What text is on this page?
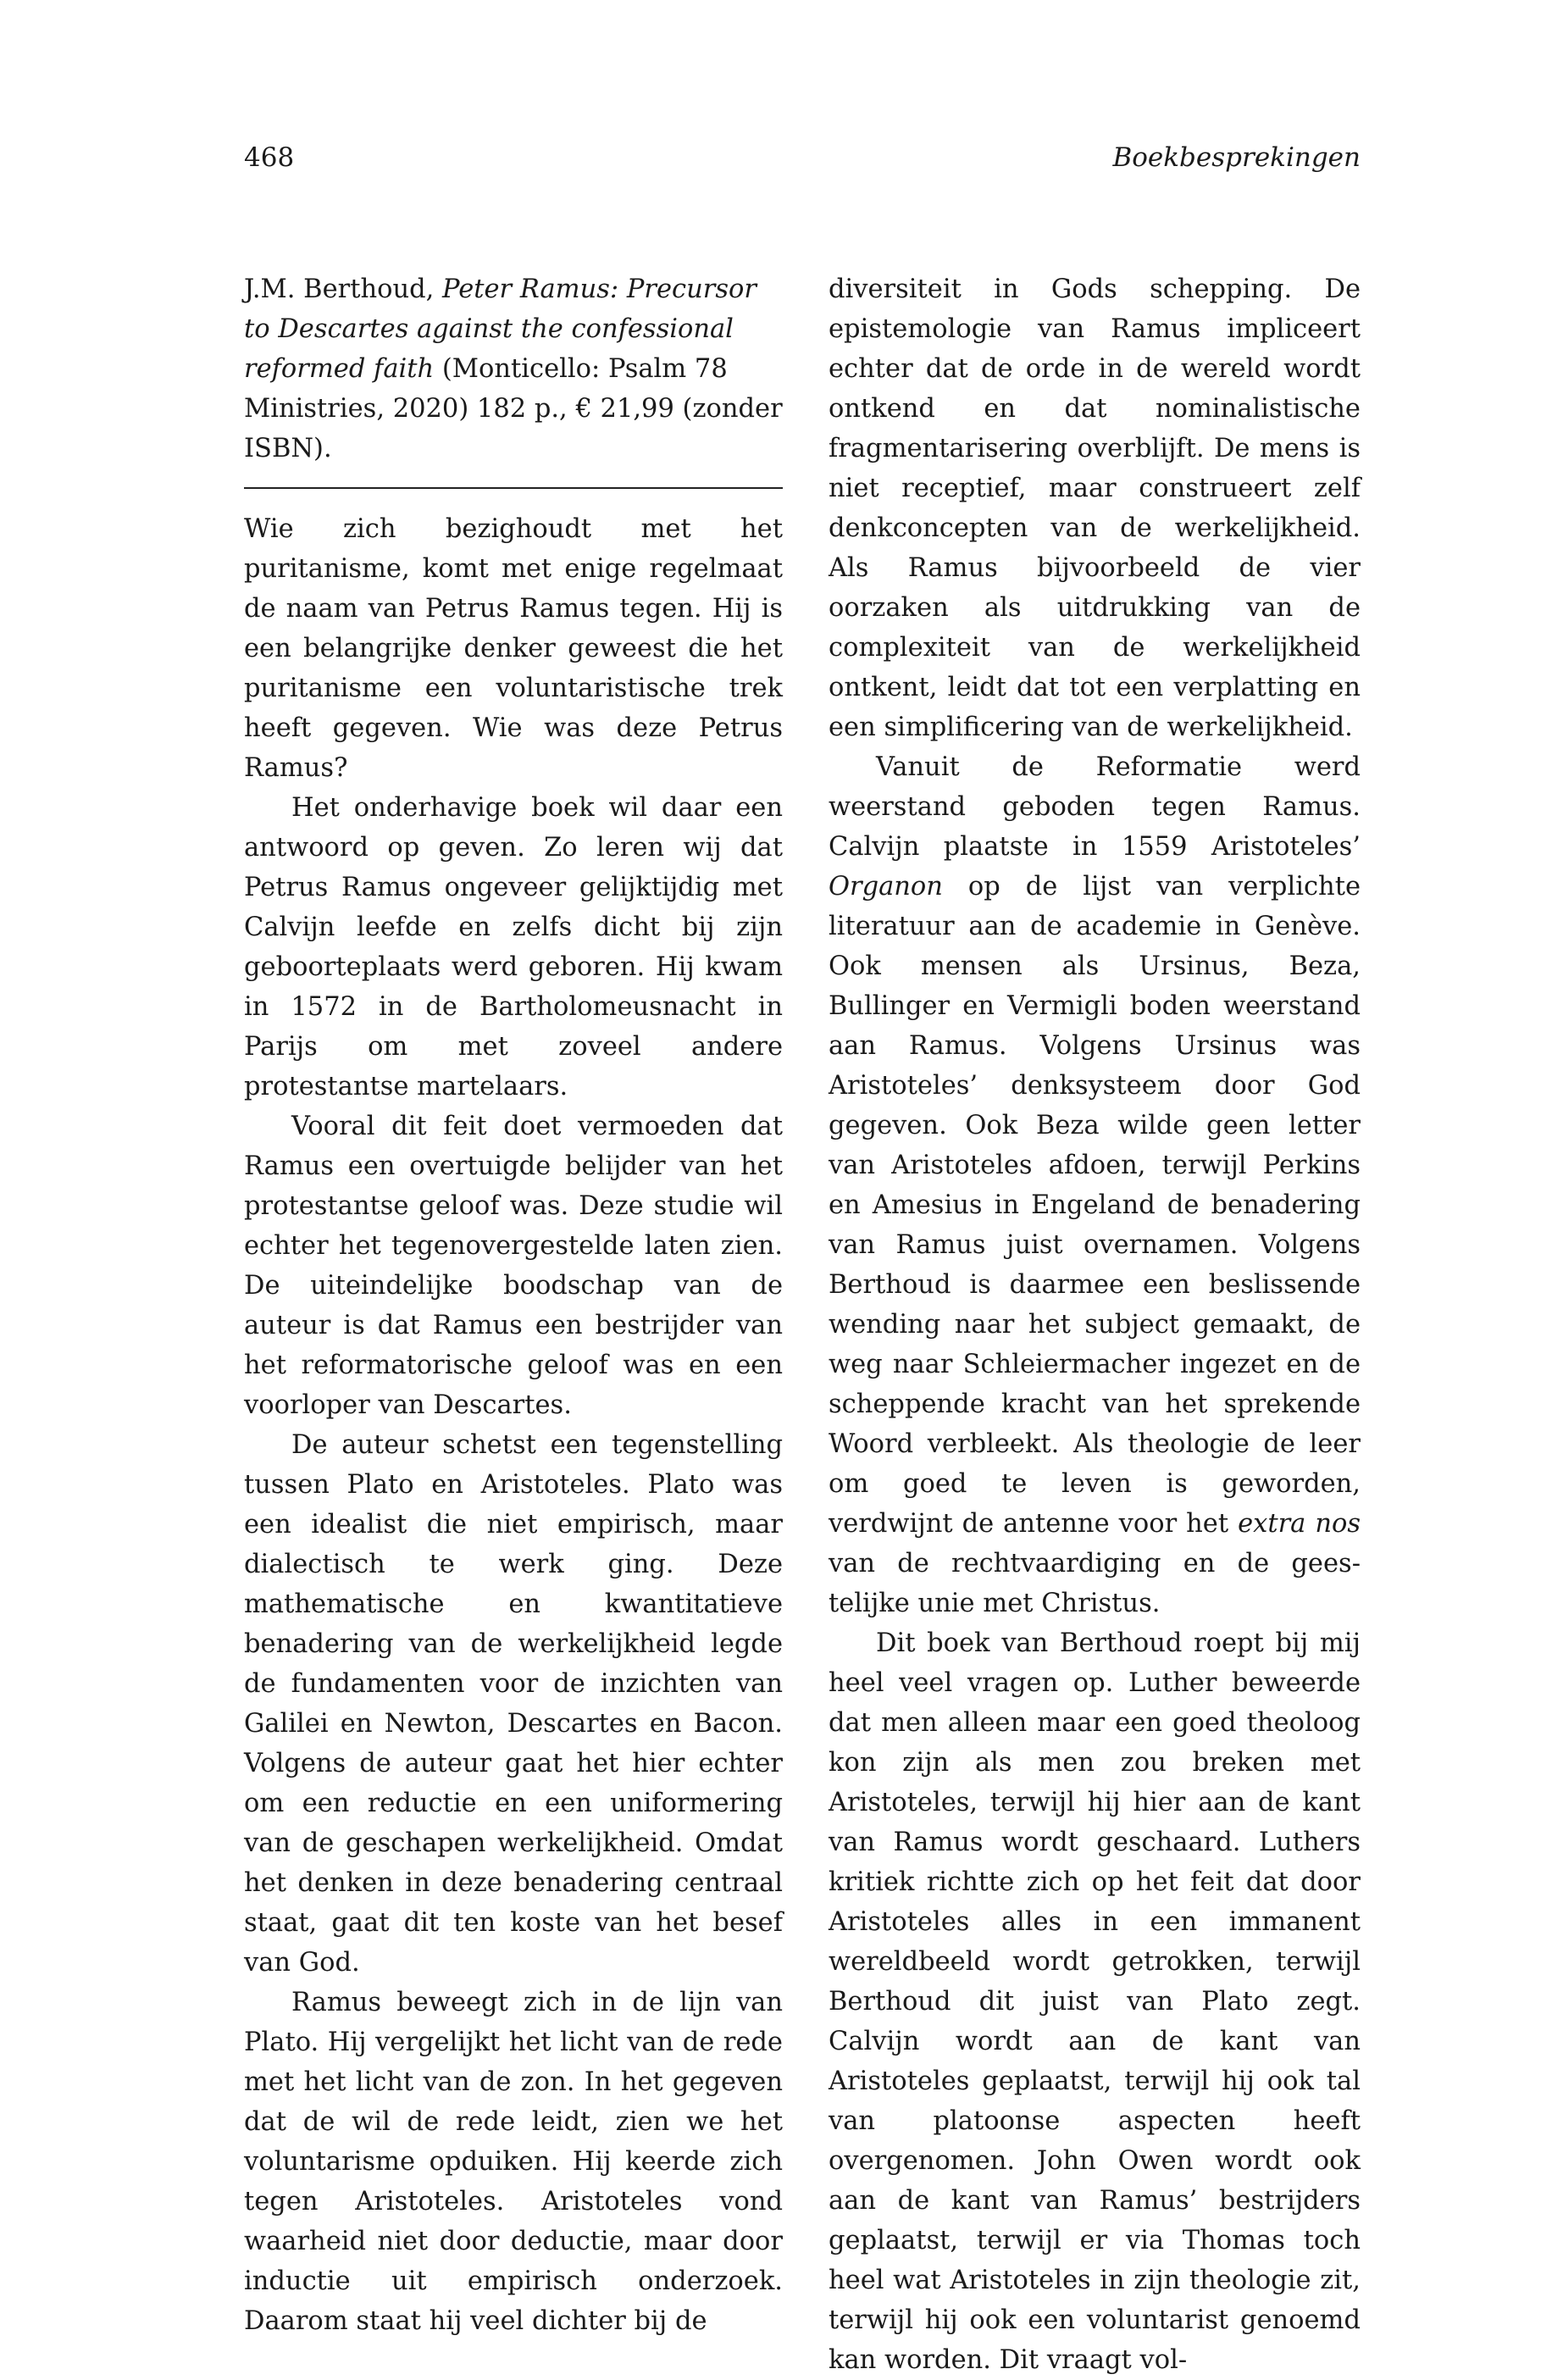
468	Boekbesprekingen

J.M. Berthoud, Peter Ramus: Precursor to Descartes against the confessional reformed faith (Monticello: Psalm 78 Ministries, 2020) 182 p., € 21,99 (zonder ISBN).

Wie zich bezighoudt met het puritanisme, komt met enige regelmaat de naam van Petrus Ramus tegen. Hij is een belangrijke denker geweest die het puritanisme een voluntaristische trek heeft gegeven. Wie was deze Petrus Ramus?

Het onderhavige boek wil daar een antwoord op geven. Zo leren wij dat Petrus Ramus ongeveer gelijktijdig met Calvijn leefde en zelfs dicht bij zijn geboorteplaats werd geboren. Hij kwam in 1572 in de Bartholomeusnacht in Parijs om met zoveel andere protestantse martelaars.

Vooral dit feit doet vermoeden dat Ramus een overtuigde belijder van het protestantse geloof was. Deze studie wil echter het tegenovergestelde laten zien. De uiteindelijke boodschap van de auteur is dat Ramus een bestrijder van het reformatorische geloof was en een voorloper van Descartes.

De auteur schetst een tegenstelling tussen Plato en Aristoteles. Plato was een idealist die niet empirisch, maar dialectisch te werk ging. Deze mathematische en kwantitatieve benadering van de werkelijkheid legde de fundamenten voor de inzichten van Galilei en Newton, Descartes en Bacon. Volgens de auteur gaat het hier echter om een reductie en een uniformering van de geschapen werkelijkheid. Omdat het denken in deze benadering centraal staat, gaat dit ten koste van het besef van God.

Ramus beweegt zich in de lijn van Plato. Hij vergelijkt het licht van de rede met het licht van de zon. In het gegeven dat de wil de rede leidt, zien we het voluntarisme opduiken. Hij keerde zich tegen Aristoteles. Aristoteles vond waarheid niet door deductie, maar door inductie uit empirisch onderzoek. Daarom staat hij veel dichter bij de

diversiteit in Gods schepping. De epistemologie van Ramus impliceert echter dat de orde in de wereld wordt ontkend en dat nominalistische fragmentarisering overblijft. De mens is niet receptief, maar construeert zelf denkconcepten van de werkelijkheid. Als Ramus bijvoorbeeld de vier oorzaken als uitdrukking van de complexiteit van de werkelijkheid ontkent, leidt dat tot een verplatting en een simplificering van de werkelijkheid.

Vanuit de Reformatie werd weerstand geboden tegen Ramus. Calvijn plaatste in 1559 Aristoteles’ Organon op de lijst van verplichte literatuur aan de academie in Genève. Ook mensen als Ursinus, Beza, Bullinger en Vermigli boden weerstand aan Ramus. Volgens Ursinus was Aristoteles’ denksysteem door God gegeven. Ook Beza wilde geen letter van Aristoteles afdoen, terwijl Perkins en Amesius in Engeland de benadering van Ramus juist overnamen. Volgens Berthoud is daarmee een beslissende wending naar het subject gemaakt, de weg naar Schleiermacher ingezet en de scheppende kracht van het sprekende Woord verbleekt. Als theologie de leer om goed te leven is geworden, verdwijnt de antenne voor het extra nos van de rechtvaardiging en de geestelijke unie met Christus.

Dit boek van Berthoud roept bij mij heel veel vragen op. Luther beweerde dat men alleen maar een goed theoloog kon zijn als men zou breken met Aristoteles, terwijl hij hier aan de kant van Ramus wordt geschaard. Luthers kritiek richtte zich op het feit dat door Aristoteles alles in een immanent wereldbeeld wordt getrokken, terwijl Berthoud dit juist van Plato zegt. Calvijn wordt aan de kant van Aristoteles geplaatst, terwijl hij ook tal van platoonse aspecten heeft overgenomen. John Owen wordt ook aan de kant van Ramus’ bestrijders geplaatst, terwijl er via Thomas toch heel wat Aristoteles in zijn theologie zit, terwijl hij ook een voluntarist genoemd kan worden. Dit vraagt vol-
